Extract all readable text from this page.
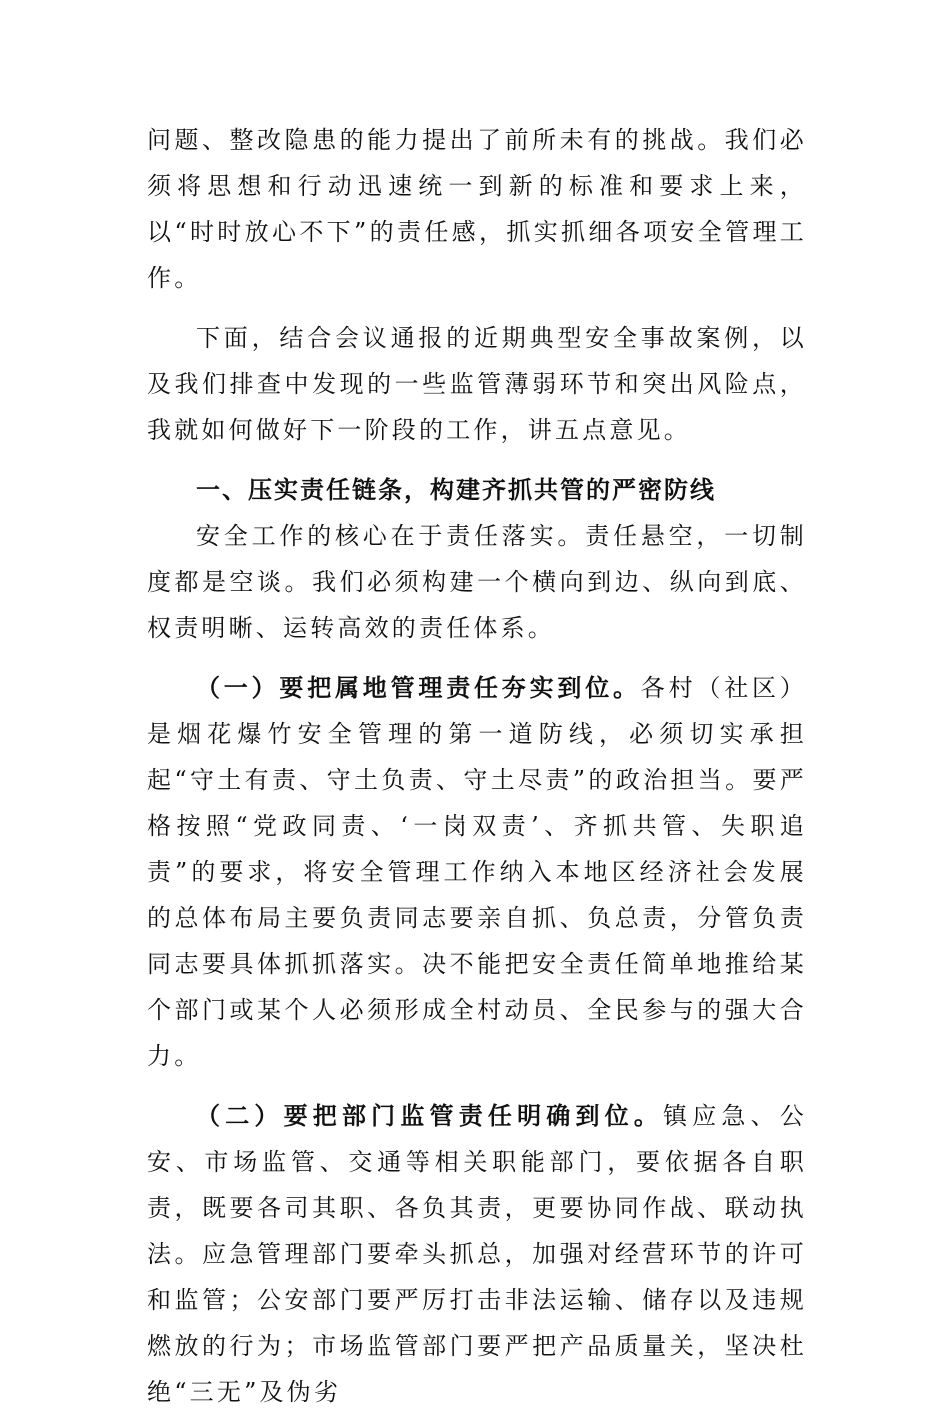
问题、整改隐患的能力提出了前所未有的挑战。我们必须将思想和行动迅速统一到新的标准和要求上来，以“时时放心不下”的责任感，抓实抓细各项安全管理工作。

下面，结合会议通报的近期典型安全事故案例，以及我们排查中发现的一些监管薄弱环节和突出风险点，我就如何做好下一阶段的工作，讲五点意见。

一、压实责任链条，构建齐抓共管的严密防线

安全工作的核心在于责任落实。责任悬空，一切制度都是空谈。我们必须构建一个横向到边、纵向到底、权责明晰、运转高效的责任体系。

（一）要把属地管理责任夯实到位。各村（社区）是烟花爆竹安全管理的第一道防线，必须切实承担起“守土有责、守土负责、守土尽责”的政治担当。要严格按照“党政同责、‘一岗双责’、齐抓共管、失职追责”的要求，将安全管理工作纳入本地区经济社会发展的总体布局主要负责同志要亲自抓、负总责，分管负责同志要具体抓抓落实。决不能把安全责任简单地推给某个部门或某个人必须形成全村动员、全民参与的强大合力。

（二）要把部门监管责任明确到位。镇应急、公安、市场监管、交通等相关职能部门，要依据各自职责，既要各司其职、各负其责，更要协同作战、联动执法。应急管理部门要牵头抓总，加强对经营环节的许可和监管；公安部门要严厉打击非法运输、储存以及违规燃放的行为；市场监管部门要严把产品质量关，坚决杜绝“三无”及伪劣
